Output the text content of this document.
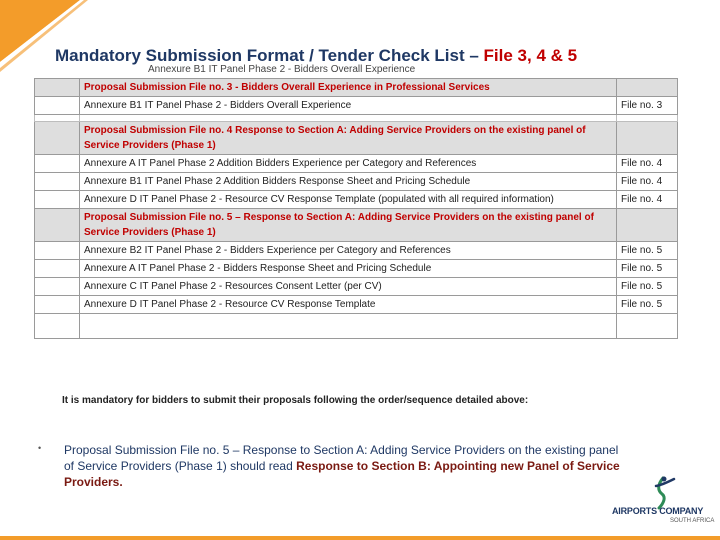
Mandatory Submission Format / Tender Check List – File 3, 4 & 5
Annexure B1 IT Panel Phase 2 - Bidders Overall Experience
	Proposal Submission File no. 3 - Bidders Overall Experience in Professional Services	
	Annexure B1 IT Panel Phase 2 - Bidders Overall Experience	File no. 3

	Proposal Submission File no. 4 Response to Section A: Adding Service Providers on the existing panel of Service Providers (Phase 1)	
	Annexure A IT Panel Phase 2 Addition Bidders Experience per Category and References	File no. 4
	Annexure B1 IT Panel Phase 2 Addition Bidders Response Sheet and Pricing Schedule	File no. 4
	Annexure D IT Panel Phase 2 - Resource CV Response Template (populated with all required information)	File no. 4
	Proposal Submission File no. 5 – Response to Section A: Adding Service Providers on the existing panel of Service Providers (Phase 1)	
	Annexure B2 IT Panel Phase 2 - Bidders Experience per Category and References	File no. 5
	Annexure A IT Panel Phase 2 - Bidders Response Sheet and Pricing Schedule	File no. 5
	Annexure C IT Panel Phase 2 - Resources Consent Letter (per CV)	File no. 5
	Annexure D IT Panel Phase 2 - Resource CV Response Template	File no. 5

It is mandatory for bidders to submit their proposals following the order/sequence detailed above:
• Proposal Submission File no. 5 – Response to Section A: Adding Service Providers on the existing panel of Service Providers (Phase 1) should read Response to Section B: Appointing new Panel of Service Providers.
AIRPORTS COMPANY
SOUTH AFRICA
